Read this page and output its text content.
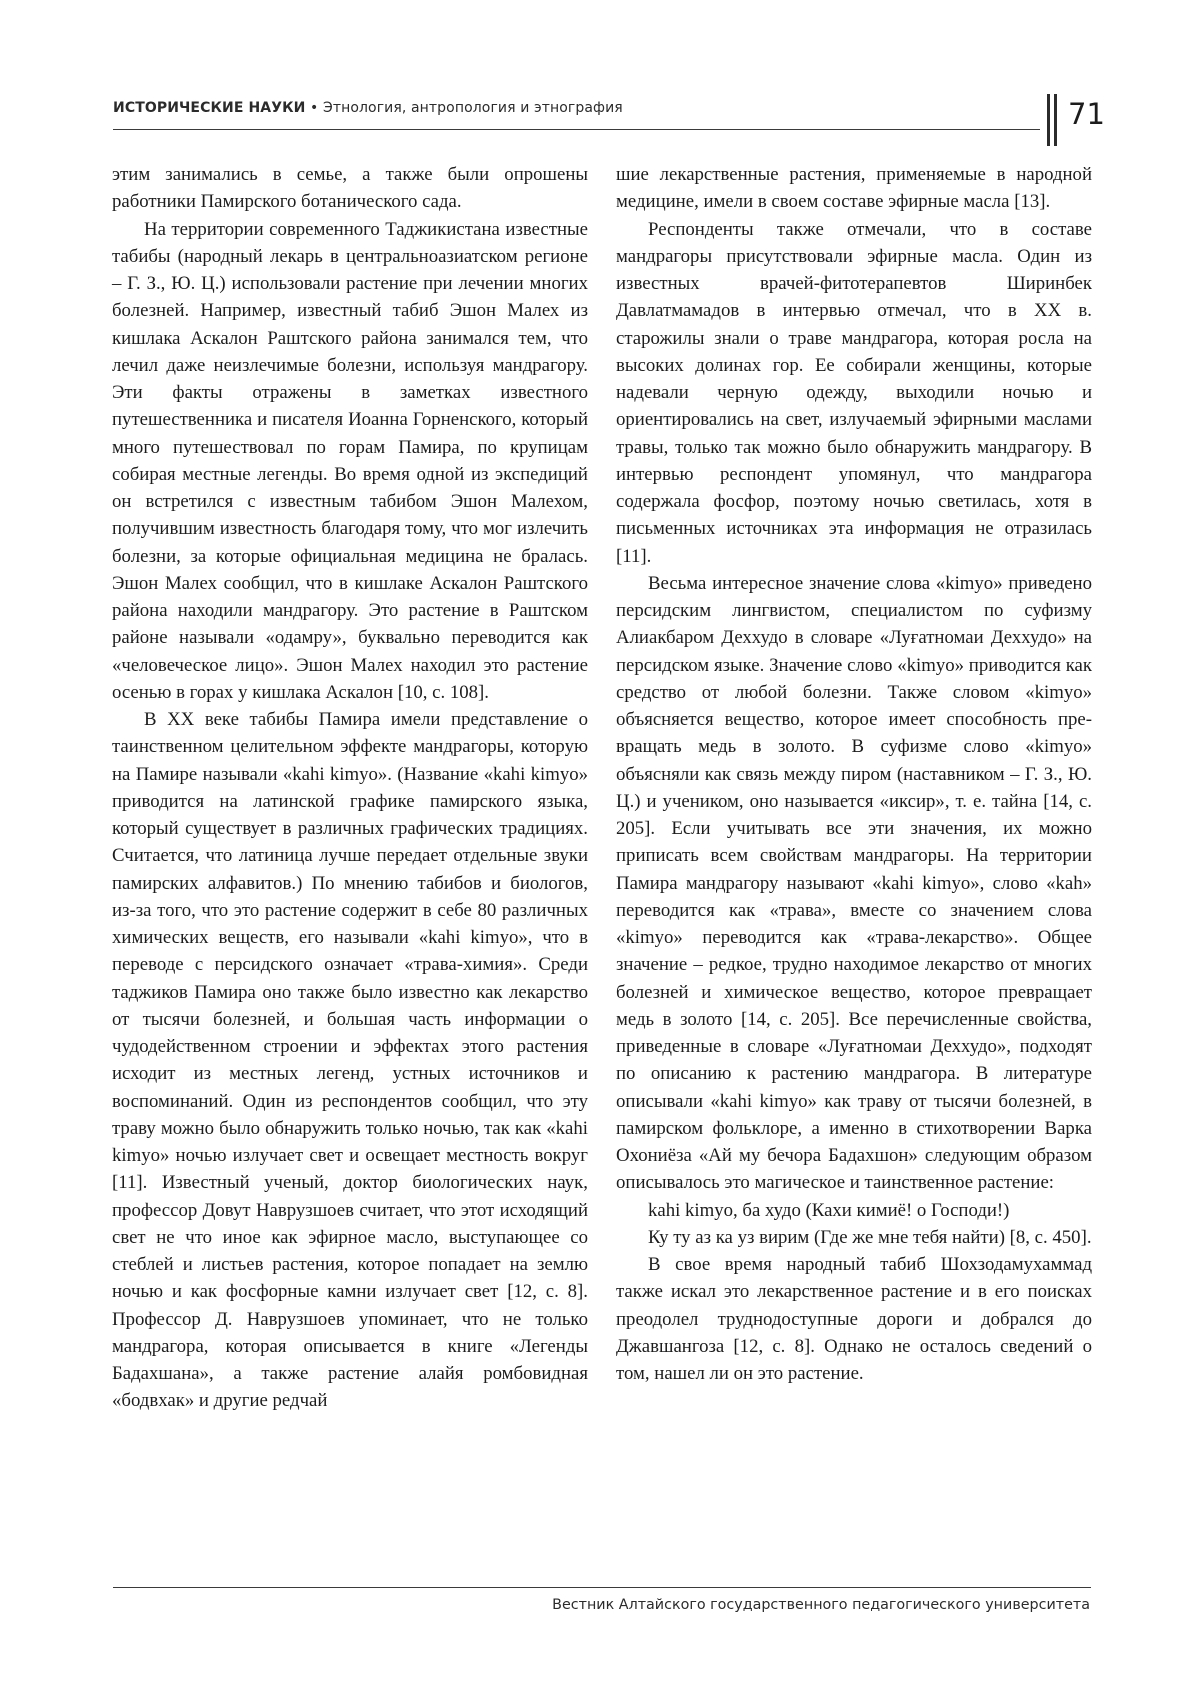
ИСТОРИЧЕСКИЕ НАУКИ • Этнология, антропология и этнография	71

этим занимались в семье, а также были опрошены работники Памирского ботанического сада.

На территории современного Таджикистана известные табибы (народный лекарь в центральноазиатском регионе – Г. З., Ю. Ц.) использовали растение при лечении многих болезней. Например, известный табиб Эшон Малех из кишлака Аскалон Раштского района занимался тем, что лечил даже неизлечимые болезни, используя мандрагору. Эти факты отражены в заметках известного путешественника и писателя Иоанна Горненского, который много путешествовал по горам Памира, по крупицам собирая местные легенды. Во время одной из экспедиций он встретился с известным табибом Эшон Малехом, получившим известность благодаря тому, что мог излечить болезни, за которые официальная медицина не бралась. Эшон Малех сообщил, что в кишлаке Аскалон Раштского района находили мандрагору. Это растение в Раштском районе называли «одамру», буквально переводится как «человеческое лицо». Эшон Малех находил это растение осенью в горах у кишлака Аскалон [10, с. 108].

В XX веке табибы Памира имели представление о таинственном целительном эффекте мандрагоры, которую на Памире называли «kahi kimyo». (Название «kahi kimyo» приводится на латинской графике памирского языка, который существует в различных графических традициях. Считается, что латиница лучше передает отдельные звуки памирских алфавитов.) По мнению табибов и биологов, из-за того, что это растение содержит в себе 80 различных химических веществ, его называли «kahi kimyo», что в переводе с персидского означает «трава-химия». Среди таджиков Памира оно также было известно как лекарство от тысячи болезней, и большая часть информации о чудодейственном строении и эффектах этого растения исходит из местных легенд, устных источников и воспоминаний. Один из респондентов сообщил, что эту траву можно было обнаружить только ночью, так как «kahi kimyo» ночью излучает свет и освещает местность вокруг [11]. Известный ученый, доктор биологических наук, профессор Довут Наврузшоев считает, что этот исходящий свет не что иное как эфирное масло, выступающее со стеблей и листьев растения, которое попадает на землю ночью и как фосфорные камни излучает свет [12, с. 8]. Профессор Д. Наврузшоев упоминает, что не только мандрагора, которая описывается в книге «Легенды Бадахшана», а также растение алайя ромбовидная «бодвхак» и другие редчай

шие лекарственные растения, применяемые в народной медицине, имели в своем составе эфирные масла [13].

Респонденты также отмечали, что в составе мандрагоры присутствовали эфирные масла. Один из известных врачей-фитотерапевтов Ширинбек Давлатмамадов в интервью отмечал, что в XX в. старожилы знали о траве мандрагора, которая росла на высоких долинах гор. Ее собирали женщины, которые надевали черную одежду, выходили ночью и ориентировались на свет, излучаемый эфирными маслами травы, только так можно было обнаружить мандрагору. В интервью респондент упомянул, что мандрагора содержала фосфор, поэтому ночью светилась, хотя в письменных источниках эта информация не отразилась [11].

Весьма интересное значение слова «kimyo» приведено персидским лингвистом, специалистом по суфизму Алиакбаром Деххудо в словаре «Луғатномаи Деххудо» на персидском языке. Значение слово «kimyo» приводится как средство от любой болезни. Также словом «kimyo» объясняется вещество, которое имеет способность превращать медь в золото. В суфизме слово «kimyo» объясняли как связь между пиром (наставником – Г. З., Ю. Ц.) и учеником, оно называется «иксир», т. е. тайна [14, с. 205]. Если учитывать все эти значения, их можно приписать всем свойствам мандрагоры. На территории Памира мандрагору называют «kahi kimyo», слово «kah» переводится как «трава», вместе со значением слова «kimyo» переводится как «трава-лекарство». Общее значение – редкое, трудно находимое лекарство от многих болезней и химическое вещество, которое превращает медь в золото [14, с. 205]. Все перечисленные свойства, приведенные в словаре «Луғатномаи Деххудо», подходят по описанию к растению мандрагора. В литературе описывали «kahi kimyo» как траву от тысячи болезней, в памирском фольклоре, а именно в стихотворении Варка Охониёза «Ай му бечора Бадахшон» следующим образом описывалось это магическое и таинственное растение:

kahi kimyo, ба худо (Кахи кимиё! о Господи!)

Ку ту аз ка уз вирим (Где же мне тебя найти) [8, с. 450].

В свое время народный табиб Шохзодамухаммад также искал это лекарственное растение и в его поисках преодолел труднодоступные дороги и добрался до Джавшангоза [12, с. 8]. Однако не осталось сведений о том, нашел ли он это растение.

Вестник Алтайского государственного педагогического университета
